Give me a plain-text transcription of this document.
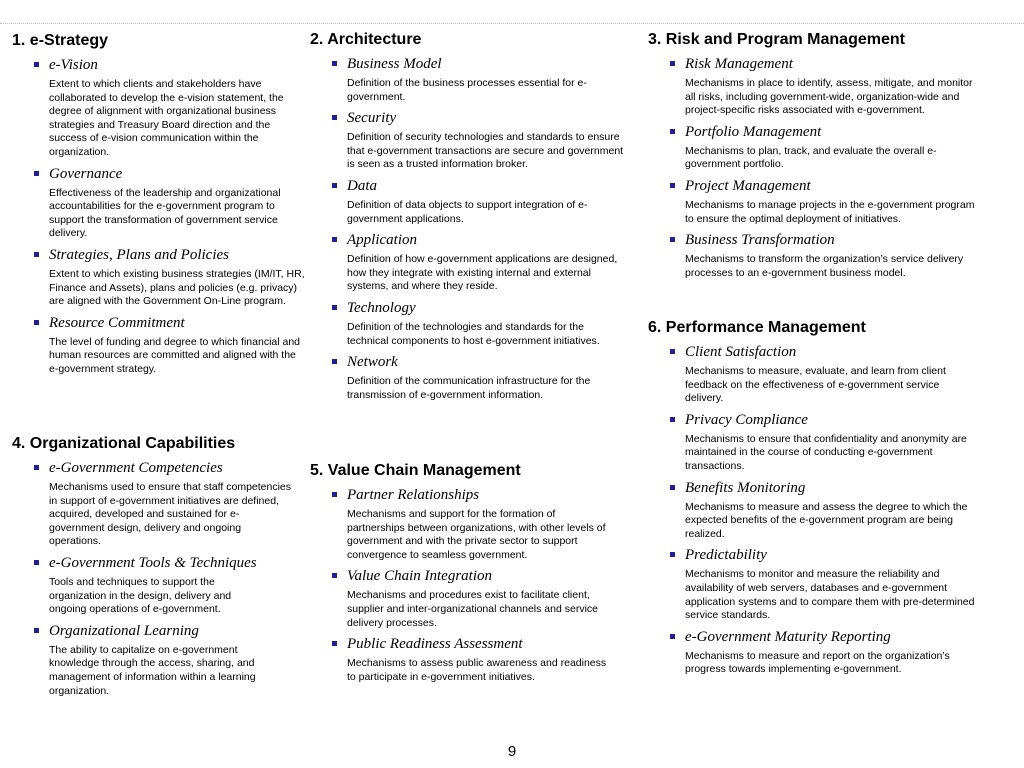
1. e-Strategy
e-Vision
Extent to which clients and stakeholders have collaborated to develop the e-vision statement, the degree of alignment with organizational business strategies and Treasury Board direction and the success of e-vision communication within the organization.
Governance
Effectiveness of the leadership and organizational accountabilities for the e-government program to support the transformation of government service delivery.
Strategies, Plans and Policies
Extent to which existing business strategies (IM/IT, HR, Finance and Assets), plans and policies (e.g. privacy) are aligned with the Government On-Line program.
Resource Commitment
The level of funding and degree to which financial and human resources are committed and aligned with the e-government strategy.
2. Architecture
Business Model
Definition of the business processes essential for e-government.
Security
Definition of security technologies and standards to ensure that e-government transactions are secure and government is seen as a trusted information broker.
Data
Definition of data objects to support integration of e-government applications.
Application
Definition of how e-government applications are designed, how they integrate with existing internal and external systems, and where they reside.
Technology
Definition of the technologies and standards for the technical components to host e-government initiatives.
Network
Definition of the communication infrastructure for the transmission of e-government information.
3. Risk and Program Management
Risk Management
Mechanisms in place to identify, assess, mitigate, and monitor all risks, including government-wide, organization-wide and project-specific risks associated with e-government.
Portfolio Management
Mechanisms to plan, track, and evaluate the overall e-government portfolio.
Project Management
Mechanisms to manage projects in the e-government program to ensure the optimal deployment of initiatives.
Business Transformation
Mechanisms to transform the organization’s service delivery processes to an e-government business model.
4. Organizational Capabilities
e-Government Competencies
Mechanisms used to ensure that staff competencies in support of e-government initiatives are defined, acquired, developed and sustained for e-government design, delivery and ongoing operations.
e-Government Tools & Techniques
Tools and techniques to support the organization in the design, delivery and ongoing operations of e-government.
Organizational Learning
The ability to capitalize on e-government knowledge through the access, sharing, and management of information within a learning organization.
5. Value Chain Management
Partner Relationships
Mechanisms and support for the formation of partnerships between organizations, with other levels of government and with the private sector to support convergence to seamless government.
Value Chain Integration
Mechanisms and procedures exist to facilitate client, supplier and inter-organizational channels and service delivery processes.
Public Readiness Assessment
Mechanisms to assess public awareness and readiness to participate in e-government initiatives.
6. Performance Management
Client Satisfaction
Mechanisms to measure, evaluate, and learn from client feedback on the effectiveness of e-government service delivery.
Privacy Compliance
Mechanisms to ensure that confidentiality and anonymity are maintained in the course of conducting e-government transactions.
Benefits Monitoring
Mechanisms to measure and assess the degree to which the expected benefits of the e-government program are being realized.
Predictability
Mechanisms to monitor and measure the reliability and availability of web servers, databases and e-government application systems and to compare them with pre-determined service standards.
e-Government Maturity Reporting
Mechanisms to measure and report on the organization’s progress towards implementing e-government.
9
